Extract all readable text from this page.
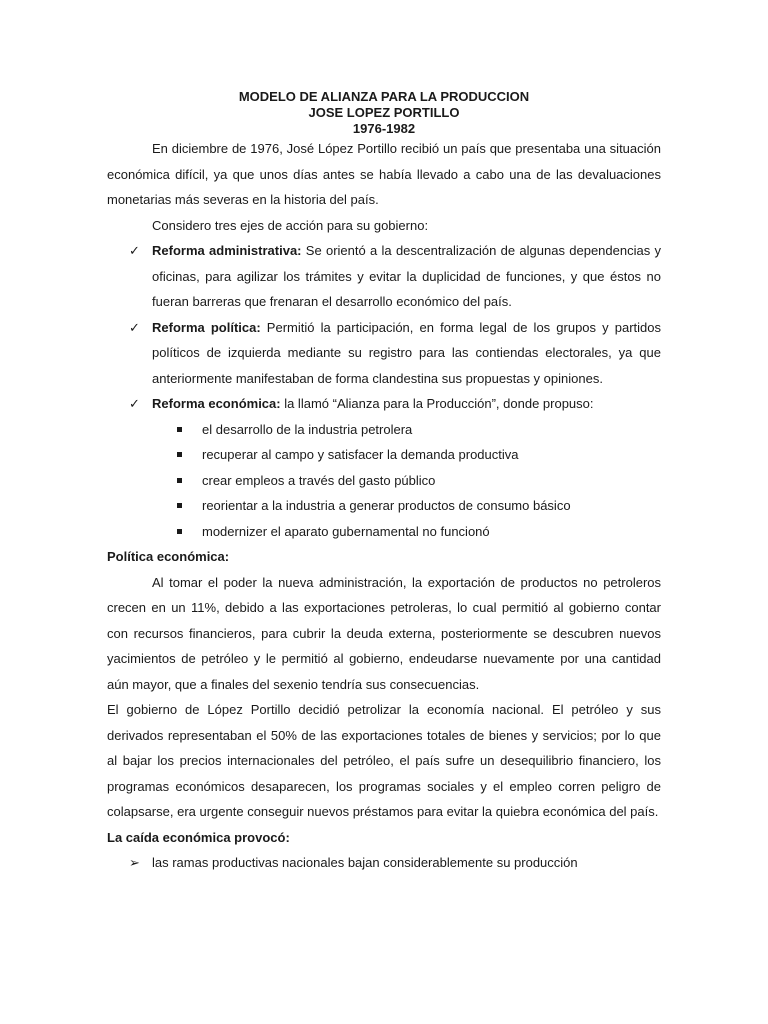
MODELO DE ALIANZA PARA LA PRODUCCION
JOSE LOPEZ PORTILLO
1976-1982

En diciembre de 1976, José López Portillo recibió un país que presentaba una situación económica difícil, ya que unos días antes se había llevado a cabo una de las devaluaciones monetarias más severas en la historia del país.

Considero tres ejes de acción para su gobierno:

✓ Reforma administrativa: Se orientó a la descentralización de algunas dependencias y oficinas, para agilizar los trámites y evitar la duplicidad de funciones, y que éstos no fueran barreras que frenaran el desarrollo económico del país.
✓ Reforma política: Permitió la participación, en forma legal de los grupos y partidos políticos de izquierda mediante su registro para las contiendas electorales, ya que anteriormente manifestaban de forma clandestina sus propuestas y opiniones.
✓ Reforma económica: la llamó “Alianza para la Producción”, donde propuso:
el desarrollo de la industria petrolera
recuperar al campo y satisfacer la demanda productiva
crear empleos a través del gasto público
reorientar a la industria a generar productos de consumo básico
modernizer el aparato gubernamental no funcionó

Política económica:

Al tomar el poder la nueva administración, la exportación de productos no petroleros crecen en un 11%, debido a las exportaciones petroleras, lo cual permitió al gobierno contar con recursos financieros, para cubrir la deuda externa, posteriormente se descubren nuevos yacimientos de petróleo y le permitió al gobierno, endeudarse nuevamente por una cantidad aún mayor, que a finales del sexenio tendría sus consecuencias.

El gobierno de López Portillo decidió petrolizar la economía nacional. El petróleo y sus derivados representaban el 50% de las exportaciones totales de bienes y servicios; por lo que al bajar los precios internacionales del petróleo, el país sufre un desequilibrio financiero, los programas económicos desaparecen, los programas sociales y el empleo corren peligro de colapsarse, era urgente conseguir nuevos préstamos para evitar la quiebra económica del país.

La caída económica provocó:

➢ las ramas productivas nacionales bajan considerablemente su producción
